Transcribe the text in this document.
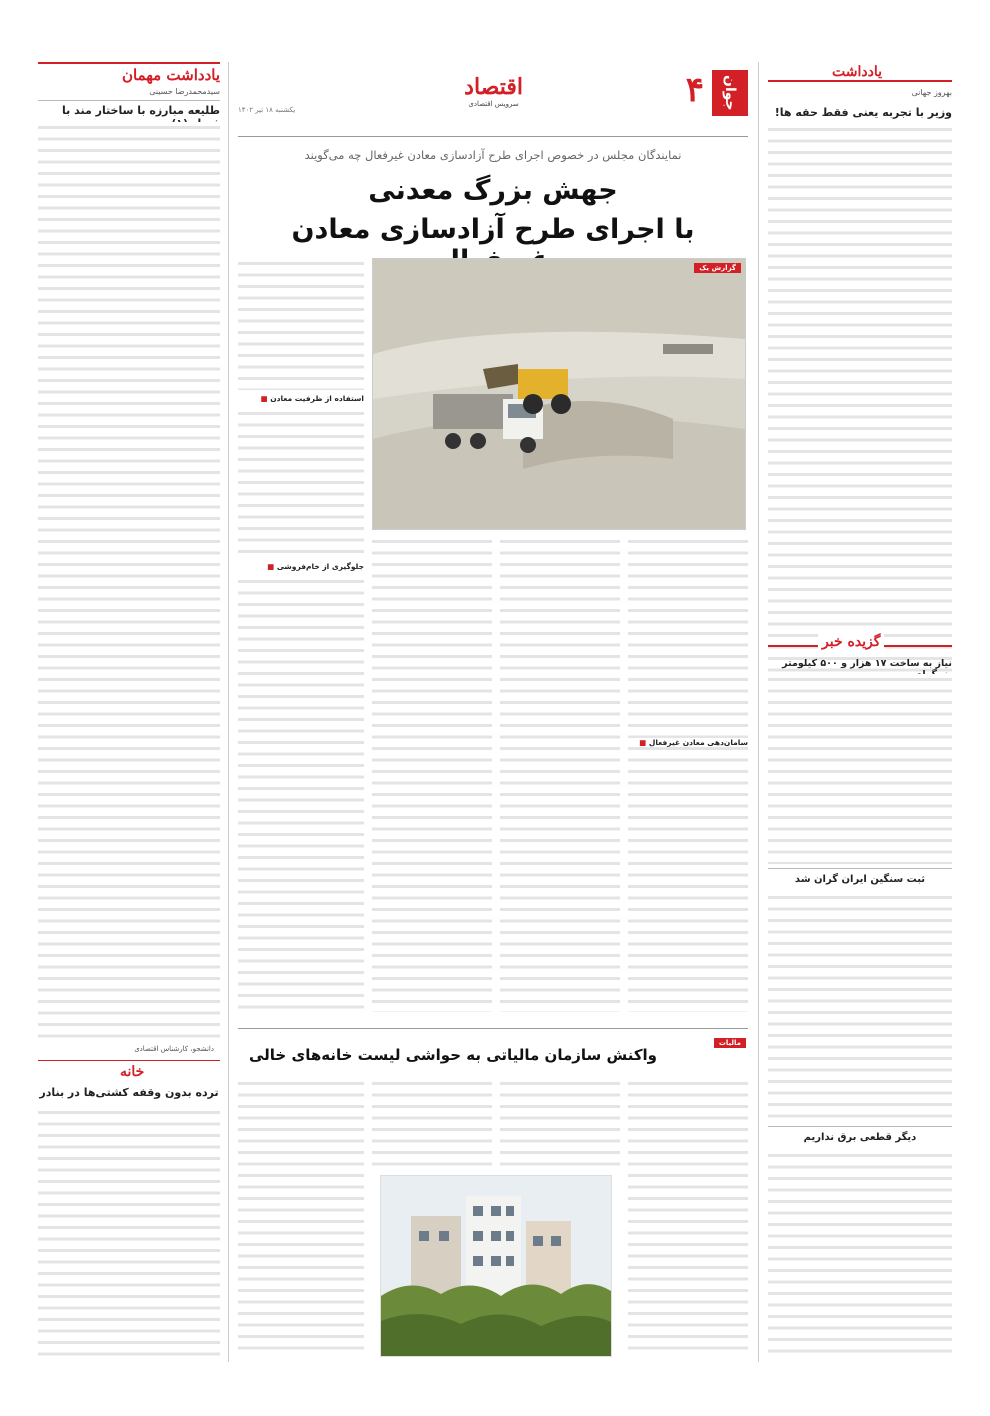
یادداشت مهمان
سیدمحمدرضا حسینی
طلیعه مبارزه با ساختار مند با
دانشجو، کارشناس اقتصادی
خانه
ترده بدون وقفه کشتی‌ها در بنادر
جوان
۴
اقتصاد
سرویس اقتصادی
یکشنبه ۱۸ تیر ۱۴۰۲
نمایندگان مجلس در خصوص اجرای طرح آزادسازی معادن غیرفعال چه می‌گویند
جهش بزرگ معدنی
با اجرای طرح آزادسازی معادن
گزارش یک
استفاده از ظرفیت معادن ■
جلوگیری از خام‌فروشی ■
سامان‌دهی معادن غیرفعال ■
مالیات
واکنش سازمان مالیاتی به حواشی لیست خانه‌های خالی
یادداشت
بهروز جهانی
وزیر با تجربه یعنی فقط حقه ها!
گزیده خبر
نیاز به ساخت ۱۷ هزار و ۵۰۰ کیلومتر
ثبت سنگین ایران گران شد
دیگر قطعی برق نداریم
